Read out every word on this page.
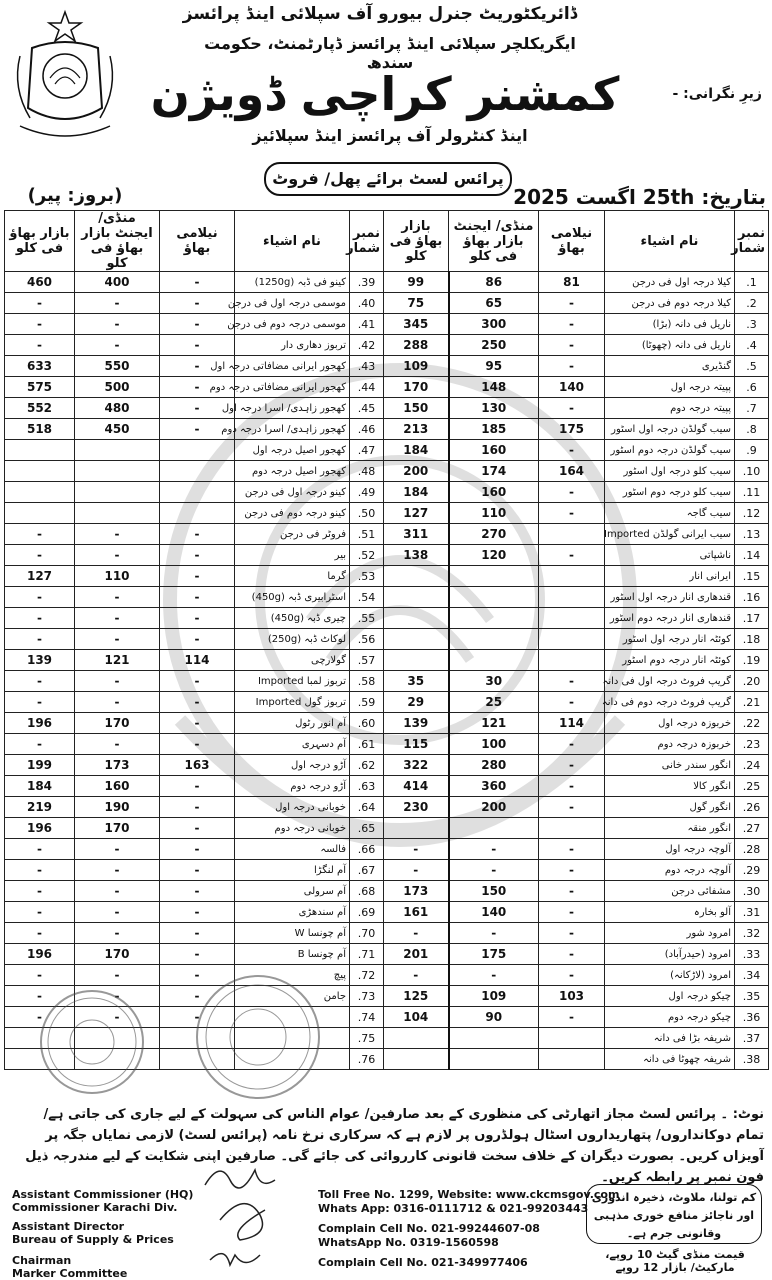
ڈائریکٹوریٹ جنرل بیورو آف سپلائی اینڈ پرائسز
ایگریکلچر سپلائی اینڈ پرائسز ڈپارٹمنٹ، حکومت سندھ
کمشنر کراچی ڈویژن	زیرِ نگرانی: -
اینڈ کنٹرولر آف پرائسز اینڈ سپلائیز
پرائس لسٹ برائے پھل/ فروٹ
بتاریخ: 25th اگست 2025
(بروز: پیر)
نمبر شمار	نام اشیاء	نیلامی بھاؤ	منڈی/ ایجنٹ بازار بھاؤ فی کلو	بازار بھاؤ فی کلو	نمبر شمار	نام اشیاء	نیلامی بھاؤ	منڈی/ ایجنٹ بازار بھاؤ فی کلو	بازار بھاؤ فی کلو
1.	کیلا درجہ اول فی درجن	81	86	99	39.	کینو فی ڈبہ (1250g)	-	400	460
2.	کیلا درجہ دوم فی درجن	-	65	75	40.	موسمی درجہ اول فی درجن	-	-	-
3.	ناریل فی دانہ (بڑا)	-	300	345	41.	موسمی درجہ دوم فی درجن	-	-	-
4.	ناریل فی دانہ (چھوٹا)	-	250	288	42.	تربوز دھاری دار	-	-	-
5.	گنڈیری	-	95	109	43.	کھجور ایرانی مضافاتی درجہ اول	-	550	633
6.	پپیتہ درجہ اول	140	148	170	44.	کھجور ایرانی مضافاتی درجہ دوم	-	500	575
7.	پپیتہ درجہ دوم	-	130	150	45.	کھجور زاہدی/ اسرا درجہ اول	-	480	552
8.	سیب گولڈن درجہ اول اسٹور	175	185	213	46.	کھجور زاہدی/ اسرا درجہ دوم	-	450	518
9.	سیب گولڈن درجہ دوم اسٹور	-	160	184	47.	کھجور اصیل درجہ اول			
10.	سیب کلو درجہ اول اسٹور	164	174	200	48.	کھجور اصیل درجہ دوم			
11.	سیب کلو درجہ دوم اسٹور	-	160	184	49.	کینو درجہ اول فی درجن			
12.	سیب گاجہ	-	110	127	50.	کینو درجہ دوم فی درجن			
13.	سیب ایرانی گولڈن Imported		270	311	51.	فروٹر فی درجن	-	-	-
14.	ناشپاتی	-	120	138	52.	بیر	-	-	-
15.	ایرانی انار				53.	گرما	-	110	127
16.	قندھاری انار درجہ اول اسٹور				54.	اسٹرابیری ڈبہ (450g)	-	-	-
17.	قندھاری انار درجہ دوم اسٹور				55.	چیری ڈبہ (450g)	-	-	-
18.	کوئٹہ انار درجہ اول اسٹور				56.	لوکاٹ ڈبہ (250g)	-	-	-
19.	کوئٹہ انار درجہ دوم اسٹور				57.	گولارچی	114	121	139
20.	گریپ فروٹ درجہ اول فی دانہ	-	30	35	58.	تربوز لمبا Imported	-	-	-
21.	گریپ فروٹ درجہ دوم فی دانہ	-	25	29	59.	تربوز گول Imported	-	-	-
22.	خربوزہ درجہ اول	114	121	139	60.	آم انور رٹول	-	170	196
23.	خربوزہ درجہ دوم	-	100	115	61.	آم دسہری	-	-	-
24.	انگور سندر خانی	-	280	322	62.	آڑو درجہ اول	163	173	199
25.	انگور کالا	-	360	414	63.	آڑو درجہ دوم	-	160	184
26.	انگور گول	-	200	230	64.	خوبانی درجہ اول	-	190	219
27.	انگور منقہ				65.	خوبانی درجہ دوم	-	170	196
28.	آلوچہ درجہ اول	-	-	-	66.	فالسہ	-	-	-
29.	آلوچہ درجہ دوم	-	-	-	67.	آم لنگڑا	-	-	-
30.	مشفائی درجن	-	150	173	68.	آم سرولی	-	-	-
31.	آلو بخارہ	-	140	161	69.	آم سندھڑی	-	-	-
32.	امرود شور	-	-	-	70.	آم چونسا W	-	-	-
33.	امرود (حیدرآباد)	-	175	201	71.	آم چونسا B	-	170	196
34.	امرود (لاڑکانہ)	-	-	-	72.	پیچ	-	-	-
35.	چیکو درجہ اول	103	109	125	73.	جامن	-	-	-
36.	چیکو درجہ دوم	-	90	104	74.		-	-	-
37.	شریفہ بڑا فی دانہ				75.				
38.	شریفہ چھوٹا فی دانہ				76.				
نوٹ: ۔ پرائس لسٹ مجاز اتھارٹی کی منظوری کے بعد صارفین/ عوام الناس کی سہولت کے لیے جاری کی جاتی ہے/ تمام دوکانداروں/ پتھاریداروں اسٹال ہولڈروں پر لازم ہے کہ سرکاری نرخ نامہ (پرائس لسٹ) لازمی نمایاں جگہ پر آویزاں کریں۔ بصورت دیگران کے خلاف سخت قانونی کارروائی کی جائے گی۔ صارفین اپنی شکایت کے لیے مندرجہ ذیل فون نمبر پر رابطہ کریں۔
Assistant Commissioner (HQ)
Commissioner Karachi Div.
Assistant Director
Bureau of Supply & Prices
Chairman
Marker Committee
Toll Free No. 1299, Website: www.ckcmsgov.com
Whats App: 0316-0111712 & 021-99203443
Complain Cell No. 021-99244607-08
WhatsApp No. 0319-1560598
Complain Cell No. 021-349977406
کم تولنا، ملاوٹ، ذخیرہ اندوزی اور ناجائز منافع خوری مذہبی وقانونی جرم ہے۔
قیمت منڈی گیٹ 10 روپے، مارکیٹ/ بازار 12 روپے
